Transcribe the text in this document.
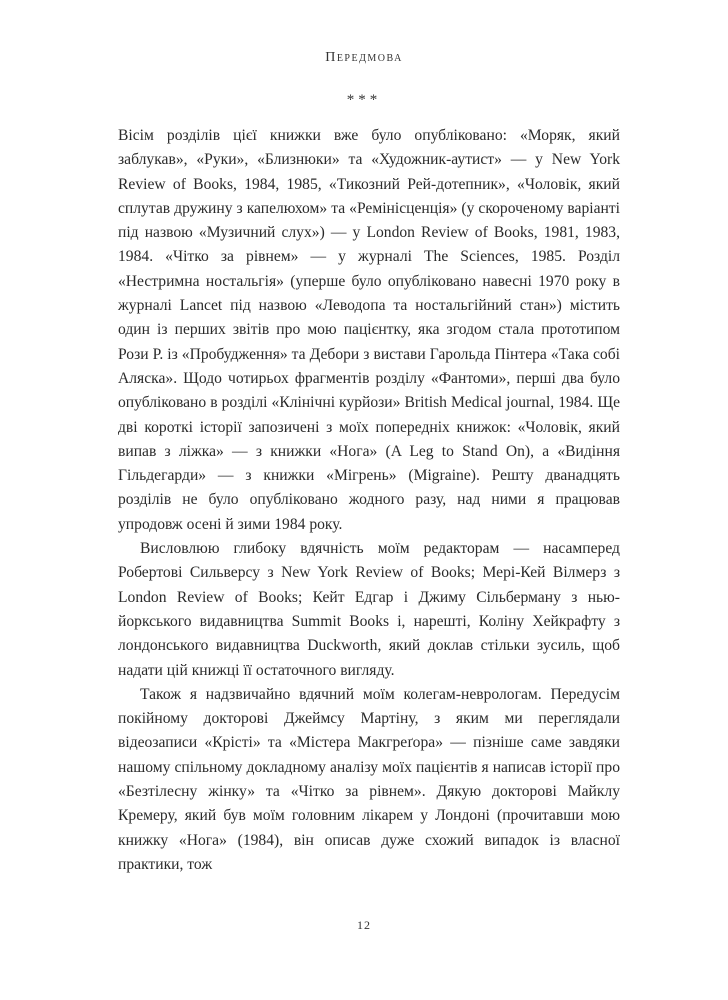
Передмова
***

Вісім розділів цієї книжки вже було опубліковано: «Моряк, який заблукав», «Руки», «Близнюки» та «Художник-аутист» — у New York Review of Books, 1984, 1985, «Тикозний Рей-дотепник», «Чоловік, який сплутав дружину з капелюхом» та «Ремінісценція» (у скороченому варіанті під назвою «Музичний слух») — у London Review of Books, 1981, 1983, 1984. «Чітко за рівнем» — у журналі The Sciences, 1985. Розділ «Нестримна ностальгія» (уперше було опубліковано навесні 1970 року в журналі Lancet під назвою «Леводопа та ностальгійний стан») містить один із перших звітів про мою пацієнтку, яка згодом стала прототипом Рози Р. із «Пробудження» та Дебори з вистави Гарольда Пінтера «Така собі Аляска». Щодо чотирьох фрагментів розділу «Фантоми», перші два було опубліковано в розділі «Клінічні курйози» British Medical journal, 1984. Ще дві короткі історії запозичені з моїх попередніх книжок: «Чоловік, який випав з ліжка» — з книжки «Нога» (A Leg to Stand On), а «Видіння Гільдегарди» — з книжки «Мігрень» (Migraine). Решту дванадцять розділів не було опубліковано жодного разу, над ними я працював упродовж осені й зими 1984 року.

Висловлюю глибоку вдячність моїм редакторам — насамперед Робертові Сильверсу з New York Review of Books; Мері-Кей Вілмерз з London Review of Books; Кейт Едгар і Джиму Сільберману з нью-йоркського видавництва Summit Books і, нарешті, Коліну Хейкрафту з лондонського видавництва Duckworth, який доклав стільки зусиль, щоб надати цій книжці її остаточного вигляду.

Також я надзвичайно вдячний моїм колегам-неврологам. Передусім покійному докторові Джеймсу Мартіну, з яким ми переглядали відеозаписи «Крісті» та «Містера Макгреґора» — пізніше саме завдяки нашому спільному докладному аналізу моїх пацієнтів я написав історії про «Безтілесну жінку» та «Чітко за рівнем». Дякую докторові Майклу Кремеру, який був моїм головним лікарем у Лондоні (прочитавши мою книжку «Нога» (1984), він описав дуже схожий випадок із власної практики, тож

12
